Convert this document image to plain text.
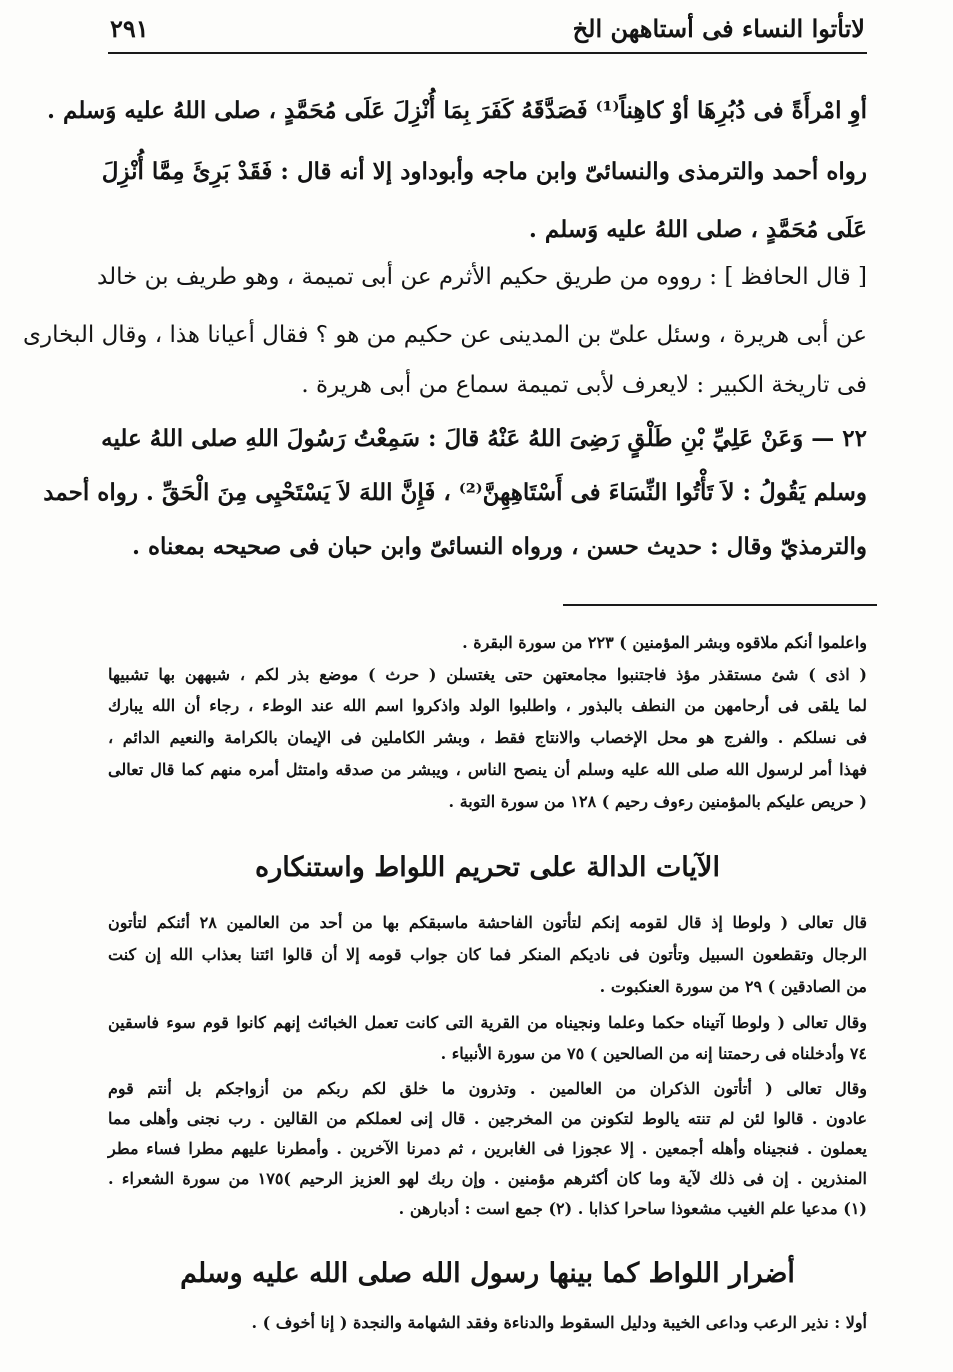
لاتأتوا النساء فى أستاههن الخ
٢٩١
أوِ امْرأَةً فى دُبُرِهَا أوْ كاهِناً⁽¹⁾ فَصَدَّقَهُ كَفَرَ بِمَا أُنْزِلَ عَلَى مُحَمَّدٍ ، صلى اللهُ عليه وَسلم .
رواه أحمد والترمذى والنسائىّ وابن ماجه وأبوداود إلا أنه قال : فَقَدْ بَرِئَ مِمَّا أُنْزِلَ
عَلَى مُحَمَّدٍ ، صلى اللهُ عليه وَسلم .
[ قال الحافظ ] : رووه من طريق حكيم الأثرم عن أبى تميمة ، وهو طريف بن خالد
عن أبى هريرة ، وسئل علىّ بن المدينى عن حكيم من هو ؟ فقال أعيانا هذا ، وقال البخارى
فى تاريخة الكبير : لايعرف لأبى تميمة سماع من أبى هريرة .
٢٢ — وَعَنْ عَلِيِّ بْنِ طَلْقٍ رَضِىَ اللهُ عَنْهُ قالَ : سَمِعْتُ رَسُولَ اللهِ صلى اللهُ عليه
وسلم يَقُولُ : لاَ تَأْتُوا النِّسَاءَ فى أَسْتَاهِهِنَّ⁽²⁾ ، فَإِنَّ اللهَ لاَ يَسْتَحْيِى مِنَ الْحَقِّ . رواه أحمد
والترمذيّ وقال : حديث حسن ، ورواه النسائىّ وابن حبان فى صحيحه بمعناه .
واعلموا أنكم ملاقوه وبشر المؤمنين ) ٢٢٣ من سورة البقرة .
( اذى ) شئ مستقذر مؤذ فاجتنبوا مجامعتهن حتى يغتسلن ( حرث ) موضع بذر لكم ، شبههن بها تشبيها
لما يلقى فى أرحامهن من النطف بالبذور ، واطلبوا الولد واذكروا اسم الله عند الوطء ، رجاء أن الله يبارك
فى نسلكم . والفرج هو محل الإخصاب والانتاج فقط ، وبشر الكاملين فى الإيمان بالكرامة والنعيم الدائم ،
فهذا أمر لرسول الله صلى الله عليه وسلم أن ينصح الناس ، ويبشر من صدقه وامتثل أمره منهم كما قال تعالى
( حريص عليكم بالمؤمنين رءوف رحيم ) ١٢٨ من سورة التوبة .
الآيات الدالة على تحريم اللواط واستنكاره
قال تعالى ( ولوطا إذ قال لقومه إنكم لتأتون الفاحشة ماسبقكم بها من أحد من العالمين ٢٨ أئنكم لتأتون
الرجال وتقطعون السبيل وتأتون فى ناديكم المنكر فما كان جواب قومه إلا أن قالوا ائتنا بعذاب الله إن كنت
من الصادقين ) ٢٩ من سورة العنكبوت .
وقال تعالى ( ولوطا آتيناه حكما وعلما ونجيناه من القرية التى كانت تعمل الخبائث إنهم كانوا قوم سوء فاسقين
٧٤ وأدخلناه فى رحمتنا إنه من الصالحين ) ٧٥ من سورة الأنبياء .
وقال تعالى ( أتأتون الذكران من العالمين . وتذرون ما خلق لكم ربكم من أزواجكم بل أنتم قوم
عادون . قالوا لئن لم تنته يالوط لتكونن من المخرجين . قال إنى لعملكم من القالين . رب نجنى وأهلى مما
يعملون . فنجيناه وأهله أجمعين . إلا عجوزا فى الغابرين ، ثم دمرنا الآخرين . وأمطرنا عليهم مطرا فساء مطر
المنذرين . إن فى ذلك لآية وما كان أكثرهم مؤمنين . وإن ربك لهو العزيز الرحيم )١٧٥ من سورة الشعراء .
(١) مدعيا علم الغيب مشعوذا ساحرا كذابا . (٢) جمع است : أدبارهن .
أضرار اللواط كما بينها رسول الله صلى الله عليه وسلم
أولا : نذير الرعب وداعى الخيبة ودليل السقوط والدناءة وفقد الشهامة والنجدة ( إنا أخوف ) .
